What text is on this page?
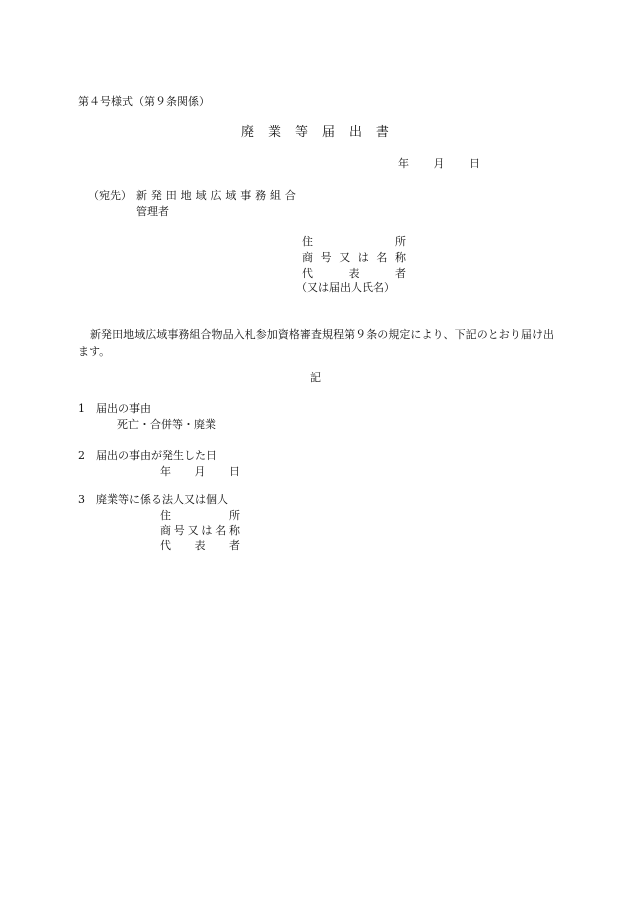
第４号様式（第９条関係）
廃 業 等 届 出 書
年 月 日
（宛先） 新 発 田 地 域 広 域 事 務 組 合
管理者
住	所
商 号 又 は 名 称
代	表	者
（又は届出人氏名）
新発田地域広域事務組合物品入札参加資格審査規程第９条の規定により、下記のとおり届け出ます。
記
1 届出の事由
死亡・合併等・廃業
2 届出の事由が発生した日
年 月 日
3 廃業等に係る法人又は個人
住	所
商 号 又 は 名 称
代 表 者
